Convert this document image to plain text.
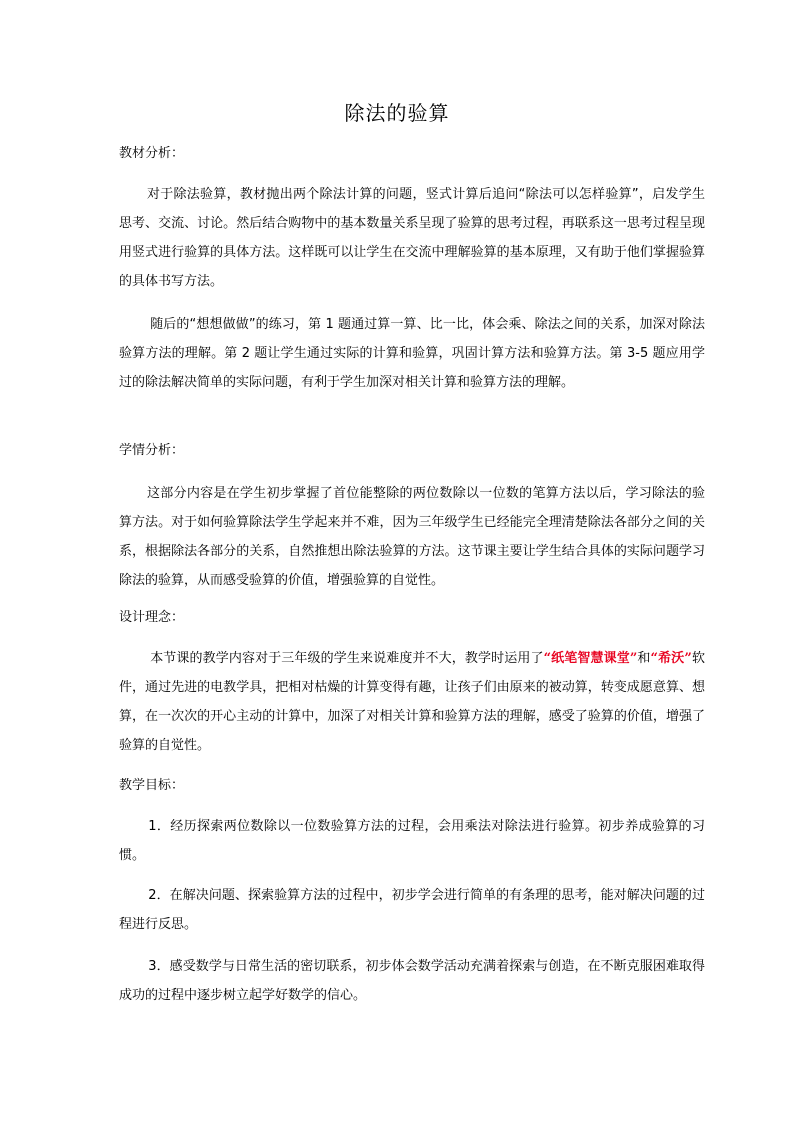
除法的验算
教材分析：
对于除法验算，教材抛出两个除法计算的问题，竖式计算后追问“除法可以怎样验算”，启发学生思考、交流、讨论。然后结合购物中的基本数量关系呈现了验算的思考过程，再联系这一思考过程呈现用竖式进行验算的具体方法。这样既可以让学生在交流中理解验算的基本原理，又有助于他们掌握验算的具体书写方法。
随后的“想想做做”的练习，第 1 题通过算一算、比一比，体会乘、除法之间的关系，加深对除法验算方法的理解。第 2 题让学生通过实际的计算和验算，巩固计算方法和验算方法。第 3-5 题应用学过的除法解决简单的实际问题，有利于学生加深对相关计算和验算方法的理解。
学情分析：
这部分内容是在学生初步掌握了首位能整除的两位数除以一位数的笔算方法以后，学习除法的验算方法。对于如何验算除法学生学起来并不难，因为三年级学生已经能完全理清楚除法各部分之间的关系，根据除法各部分的关系，自然推想出除法验算的方法。这节课主要让学生结合具体的实际问题学习除法的验算，从而感受验算的价值，增强验算的自觉性。
设计理念：
本节课的教学内容对于三年级的学生来说难度并不大，教学时运用了“纸笔智慧课堂”和“希沃”软件，通过先进的电教学具，把相对枯燥的计算变得有趣，让孩子们由原来的被动算，转变成愿意算、想算，在一次次的开心主动的计算中，加深了对相关计算和验算方法的理解，感受了验算的价值，增强了验算的自觉性。
教学目标：
1．经历探索两位数除以一位数验算方法的过程，会用乘法对除法进行验算。初步养成验算的习惯。
2．在解决问题、探索验算方法的过程中，初步学会进行简单的有条理的思考，能对解决问题的过程进行反思。
3．感受数学与日常生活的密切联系，初步体会数学活动充满着探索与创造，在不断克服困难取得成功的过程中逐步树立起学好数学的信心。
